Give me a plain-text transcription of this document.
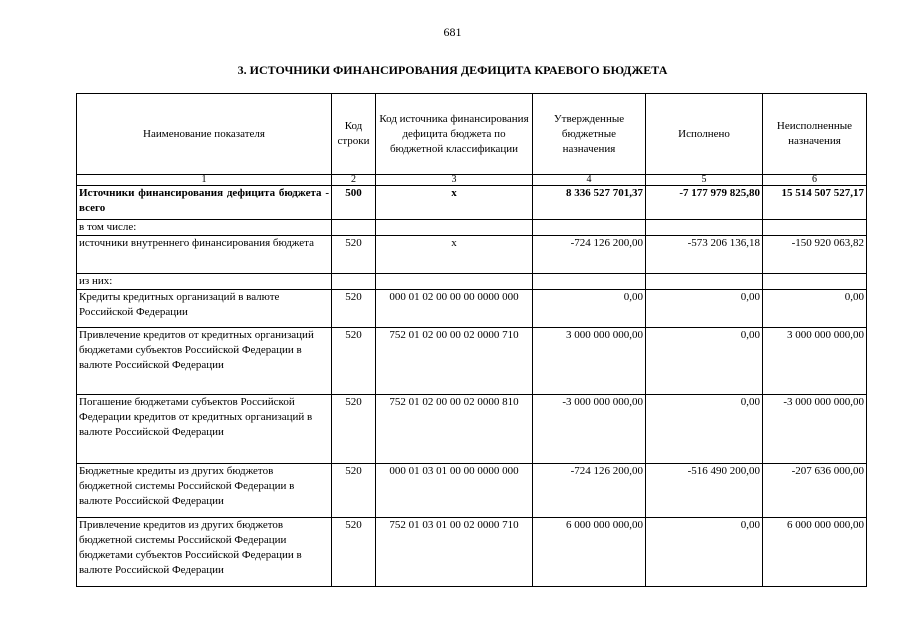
681
3. ИСТОЧНИКИ ФИНАНСИРОВАНИЯ ДЕФИЦИТА КРАЕВОГО БЮДЖЕТА
Наименование показателя	Код строки	Код источника финансирования дефицита бюджета по бюджетной классификации	Утвержденные бюджетные назначения	Исполнено	Неисполненные назначения
1	2	3	4	5	6
Источники финансирования дефицита бюджета - всего	500	x	8 336 527 701,37	-7 177 979 825,80	15 514 507 527,17
в том числе:					
источники внутреннего финансирования бюджета	520	x	-724 126 200,00	-573 206 136,18	-150 920 063,82
из них:					
Кредиты кредитных организаций в валюте Российской Федерации	520	000 01 02 00 00 00 0000 000	0,00	0,00	0,00
Привлечение кредитов от кредитных организаций бюджетами субъектов Российской Федерации в валюте Российской Федерации	520	752 01 02 00 00 02 0000 710	3 000 000 000,00	0,00	3 000 000 000,00
Погашение бюджетами субъектов Российской Федерации кредитов от кредитных организаций в валюте Российской Федерации	520	752 01 02 00 00 02 0000 810	-3 000 000 000,00	0,00	-3 000 000 000,00
Бюджетные кредиты из других бюджетов бюджетной системы Российской Федерации в валюте Российской Федерации	520	000 01 03 01 00 00 0000 000	-724 126 200,00	-516 490 200,00	-207 636 000,00
Привлечение кредитов из других бюджетов бюджетной системы Российской Федерации бюджетами субъектов Российской Федерации в валюте Российской Федерации	520	752 01 03 01 00 02 0000 710	6 000 000 000,00	0,00	6 000 000 000,00
